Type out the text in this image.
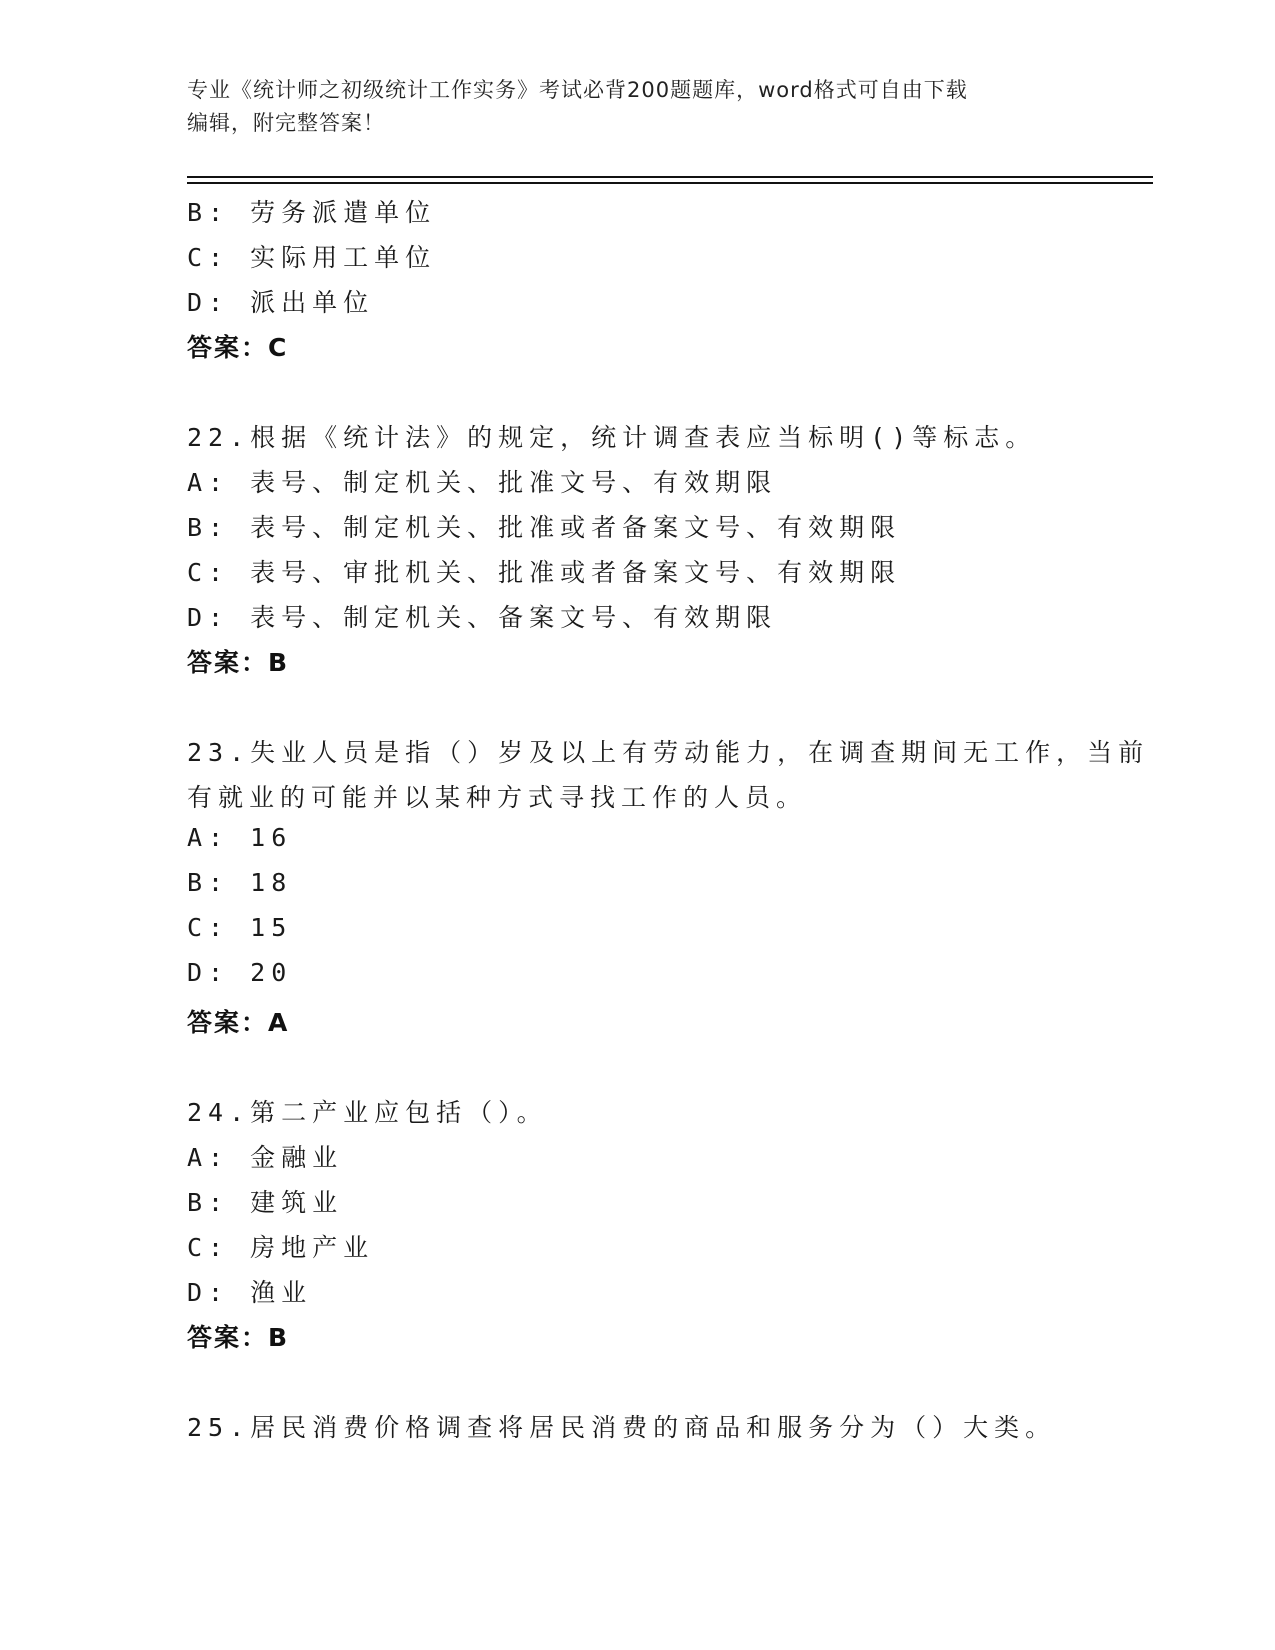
专业《统计师之初级统计工作实务》考试必背200题题库，word格式可自由下载
编辑，附完整答案！
B: 劳务派遣单位
C: 实际用工单位
D: 派出单位
答案：C
22.根据《统计法》的规定，统计调查表应当标明()等标志。
A: 表号、制定机关、批准文号、有效期限
B: 表号、制定机关、批准或者备案文号、有效期限
C: 表号、审批机关、批准或者备案文号、有效期限
D: 表号、制定机关、备案文号、有效期限
答案：B
23.失业人员是指（）岁及以上有劳动能力，在调查期间无工作，当前
有就业的可能并以某种方式寻找工作的人员。
A: 16
B: 18
C: 15
D: 20
答案：A
24.第二产业应包括（）。
A: 金融业
B: 建筑业
C: 房地产业
D: 渔业
答案：B
25.居民消费价格调查将居民消费的商品和服务分为（）大类。
